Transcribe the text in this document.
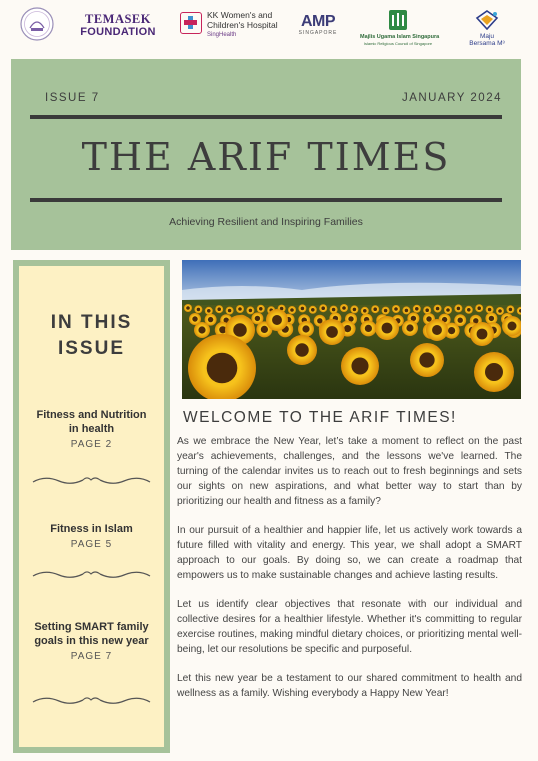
TEMASEK
FOUNDATION
KK Women's and
Children's Hospital
SingHealth
AMP
SINGAPORE
Majlis Ugama Islam Singapura
Islamic Religious Council of Singapore
Maju
Bersama M³
ISSUE 7	JANUARY 2024
THE ARIF TIMES
Achieving Resilient and Inspiring Families
IN THIS
ISSUE
Fitness and Nutrition
in health
PAGE 2
Fitness in Islam
PAGE 5
Setting SMART family
goals in this new year
PAGE 7
WELCOME TO THE ARIF TIMES!

As we embrace the New Year, let’s take a moment to reflect on the past year's achievements, challenges, and the lessons we've learned. The turning of the calendar invites us to reach out to fresh beginnings and sets our sights on new aspirations, and what better way to start than by prioritizing our health and fitness as a family?

In our pursuit of a healthier and happier life, let us actively work towards a future filled with vitality and energy. This year, we shall adopt a SMART approach to our goals. By doing so, we can create a roadmap that empowers us to make sustainable changes and achieve lasting results.

Let us identify clear objectives that resonate with our individual and collective desires for a healthier lifestyle. Whether it's committing to regular exercise routines, making mindful dietary choices, or prioritizing mental well-being, let our resolutions be specific and purposeful.

Let this new year be a testament to our shared commitment to health and wellness as a family. Wishing everybody a Happy New Year!
